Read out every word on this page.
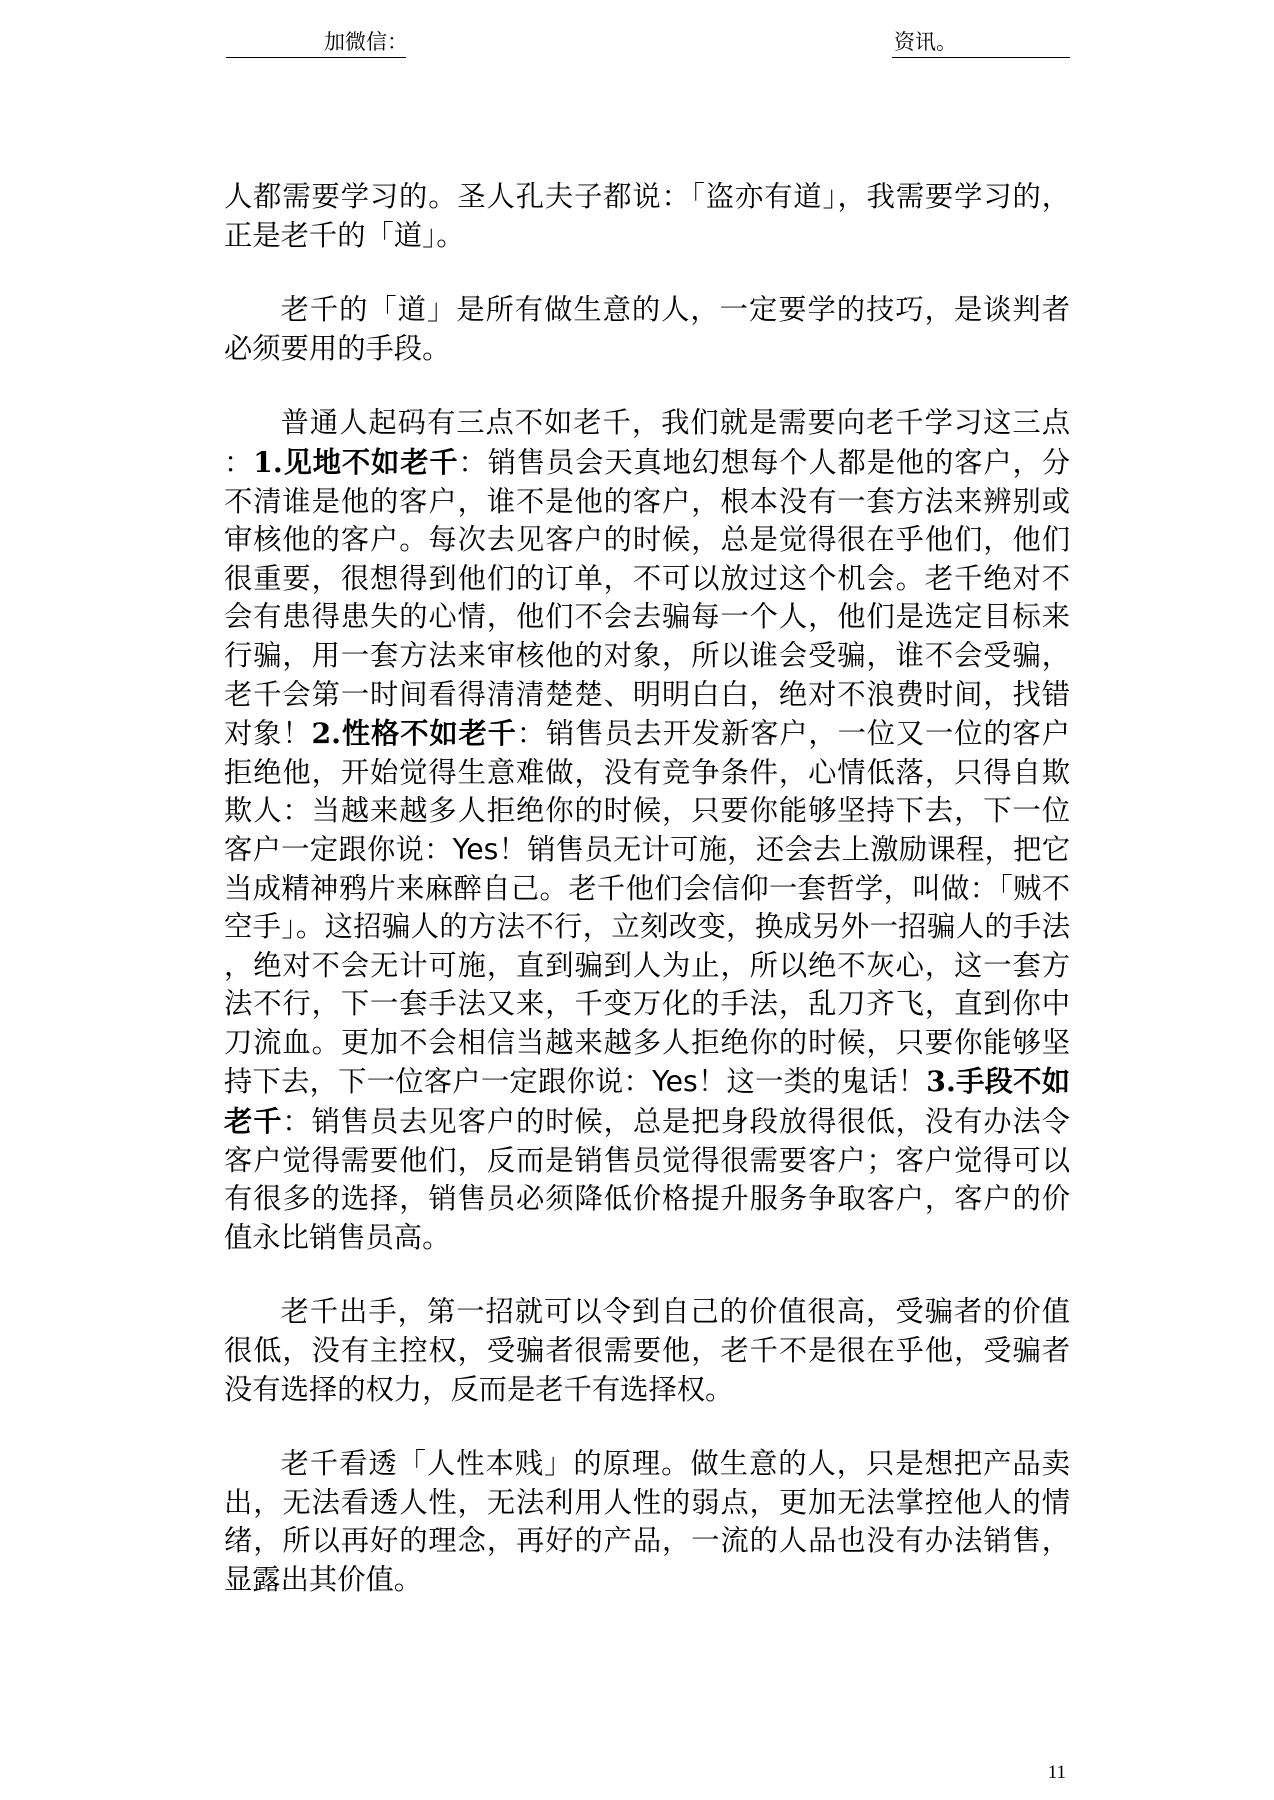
加微信：	资讯。

人都需要学习的。圣人孔夫子都说：「盗亦有道」，我需要学习的，正是老千的「道」。

老千的「道」是所有做生意的人，一定要学的技巧，是谈判者必须要用的手段。

普通人起码有三点不如老千，我们就是需要向老千学习这三点：1.见地不如老千：销售员会天真地幻想每个人都是他的客户，分不清谁是他的客户，谁不是他的客户，根本没有一套方法来辨别或审核他的客户。每次去见客户的时候，总是觉得很在乎他们，他们很重要，很想得到他们的订单，不可以放过这个机会。老千绝对不会有患得患失的心情，他们不会去骗每一个人，他们是选定目标来行骗，用一套方法来审核他的对象，所以谁会受骗，谁不会受骗，老千会第一时间看得清清楚楚、明明白白，绝对不浪费时间，找错对象！2.性格不如老千：销售员去开发新客户，一位又一位的客户拒绝他，开始觉得生意难做，没有竞争条件，心情低落，只得自欺欺人：当越来越多人拒绝你的时候，只要你能够坚持下去，下一位客户一定跟你说：Yes！销售员无计可施，还会去上激励课程，把它当成精神鸦片来麻醉自己。老千他们会信仰一套哲学，叫做：「贼不空手」。这招骗人的方法不行，立刻改变，换成另外一招骗人的手法，绝对不会无计可施，直到骗到人为止，所以绝不灰心，这一套方法不行，下一套手法又来，千变万化的手法，乱刀齐飞，直到你中刀流血。更加不会相信当越来越多人拒绝你的时候，只要你能够坚持下去，下一位客户一定跟你说：Yes！这一类的鬼话！3.手段不如老千：销售员去见客户的时候，总是把身段放得很低，没有办法令客户觉得需要他们，反而是销售员觉得很需要客户；客户觉得可以有很多的选择，销售员必须降低价格提升服务争取客户，客户的价值永比销售员高。

老千出手，第一招就可以令到自己的价值很高，受骗者的价值很低，没有主控权，受骗者很需要他，老千不是很在乎他，受骗者没有选择的权力，反而是老千有选择权。

老千看透「人性本贱」的原理。做生意的人，只是想把产品卖出，无法看透人性，无法利用人性的弱点，更加无法掌控他人的情绪，所以再好的理念，再好的产品，一流的人品也没有办法销售，显露出其价值。

11
